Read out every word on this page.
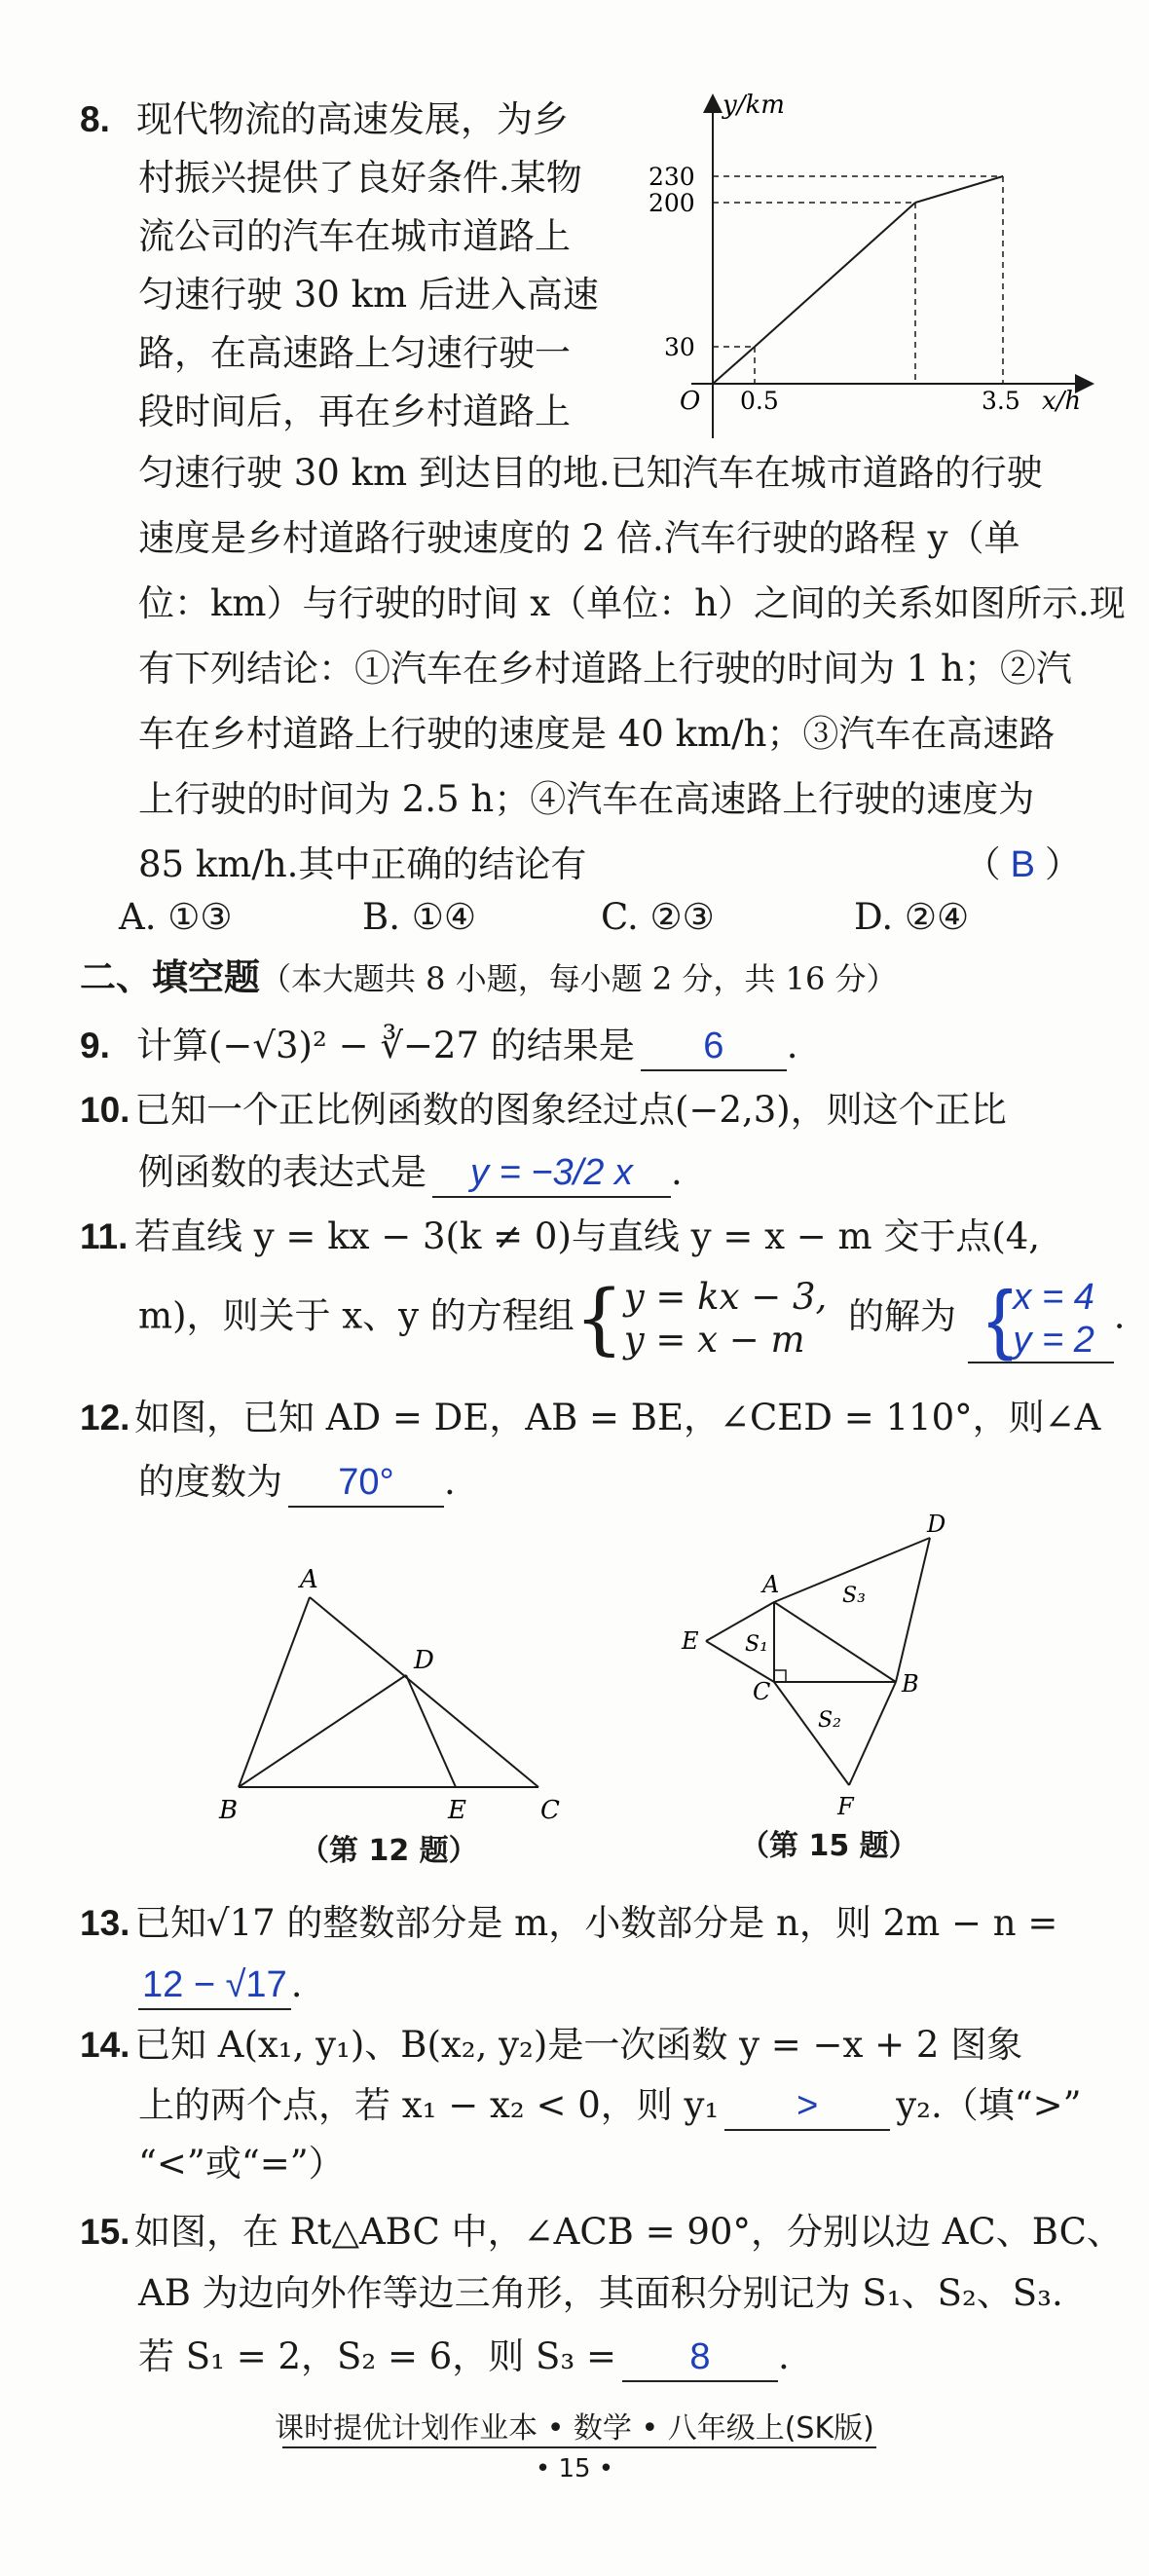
8. 现代物流的高速发展，为乡
村振兴提供了良好条件.某物
流公司的汽车在城市道路上
匀速行驶 30 km 后进入高速
路，在高速路上匀速行驶一
段时间后，再在乡村道路上
匀速行驶 30 km 到达目的地.已知汽车在城市道路的行驶
速度是乡村道路行驶速度的 2 倍.汽车行驶的路程 y（单
位：km）与行驶的时间 x（单位：h）之间的关系如图所示.现
有下列结论：①汽车在乡村道路上行驶的时间为 1 h；②汽
车在乡村道路上行驶的速度是 40 km/h；③汽车在高速路
上行驶的时间为 2.5 h；④汽车在高速路上行驶的速度为
85 km/h.其中正确的结论有	（ B ）
A. ①③	B. ①④	C. ②③	D. ②④
y/km
x/h
O
230
200
30
0.5	3.5
二、填空题（本大题共 8 小题，每小题 2 分，共 16 分）
9. 计算(−√3)² − ∛−27 的结果是 6 .
10. 已知一个正比例函数的图象经过点(−2,3)，则这个正比
例函数的表达式是 y = −3/2 x .
11. 若直线 y = kx − 3(k ≠ 0)与直线 y = x − m 交于点(4,
m)，则关于 x、y 的方程组{y = kx − 3,
y = x − m 的解为 {x = 4
y = 2.
12. 如图，已知 AD = DE，AB = BE，∠CED = 110°，则∠A
的度数为 70° .
A
B	C
D
E
（第 12 题）
A
B
C
D
E
F
S₁
S₂
S₃
（第 15 题）
13. 已知√17 的整数部分是 m，小数部分是 n，则 2m − n =
12 − √17 .
14. 已知 A(x₁, y₁)、B(x₂, y₂)是一次函数 y = −x + 2 图象
上的两个点，若 x₁ − x₂ < 0，则 y₁ > y₂.（填“>”
“<”或“=”）
15. 如图，在 Rt△ABC 中，∠ACB = 90°，分别以边 AC、BC、
AB 为边向外作等边三角形，其面积分别记为 S₁、S₂、S₃.
若 S₁ = 2，S₂ = 6，则 S₃ = 8 .
课时提优计划作业本 • 数学 • 八年级上(SK版)
• 15 •
